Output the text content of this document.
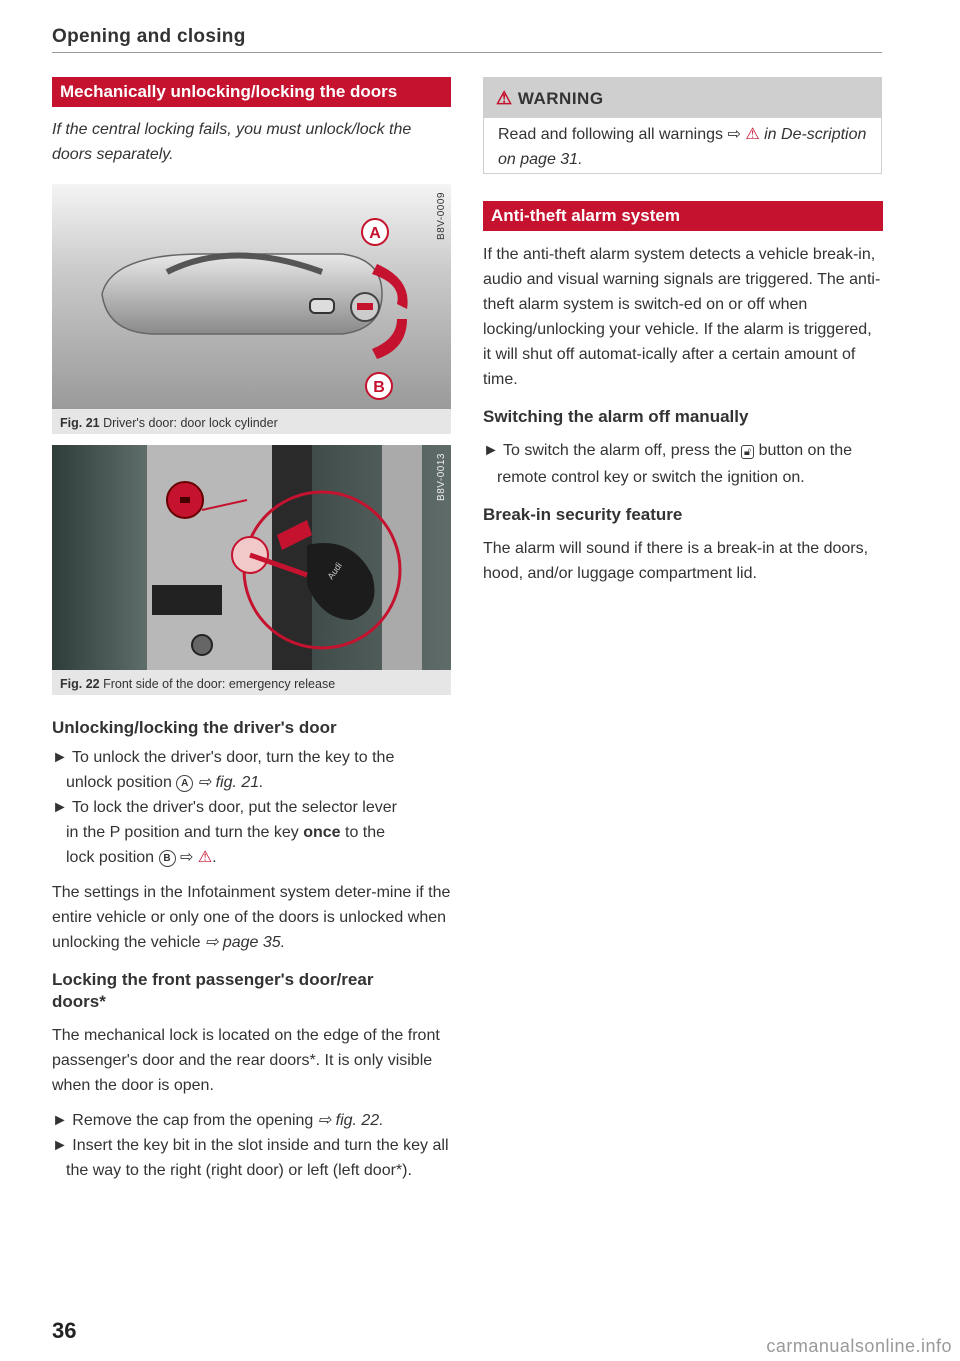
Opening and closing
Mechanically unlocking/locking the doors

If the central locking fails, you must unlock/lock the doors separately.

A
B
B8V-0009
Fig. 21 Driver's door: door lock cylinder
Audi
B8V-0013
Fig. 22 Front side of the door: emergency release

Unlocking/locking the driver's door

► To unlock the driver's door, turn the key to the

unlock position A ⇨ fig. 21.

► To lock the driver's door, put the selector lever

in the P position and turn the key once to the

lock position B ⇨ ⚠.

The settings in the Infotainment system deter-mine if the entire vehicle or only one of the doors is unlocked when unlocking the vehicle ⇨ page 35.

Locking the front passenger's door/rear

doors*

The mechanical lock is located on the edge of the front passenger's door and the rear doors*. It is only visible when the door is open.

► Remove the cap from the opening ⇨ fig. 22.

► Insert the key bit in the slot inside and turn the key all the way to the right (right door) or left (left door*).

⚠ WARNING
Read and following all warnings ⇨ ⚠ in De-scription on page 31.
Anti-theft alarm system

If the anti-theft alarm system detects a vehicle break-in, audio and visual warning signals are triggered. The anti-theft alarm system is switch-ed on or off when locking/unlocking your vehicle. If the alarm is triggered, it will shut off automat-ically after a certain amount of time.

Switching the alarm off manually

► To switch the alarm off, press the 🔓︎ button on the remote control key or switch the ignition on.

Break-in security feature

The alarm will sound if there is a break-in at the doors, hood, and/or luggage compartment lid.

36
carmanualsonline.info
